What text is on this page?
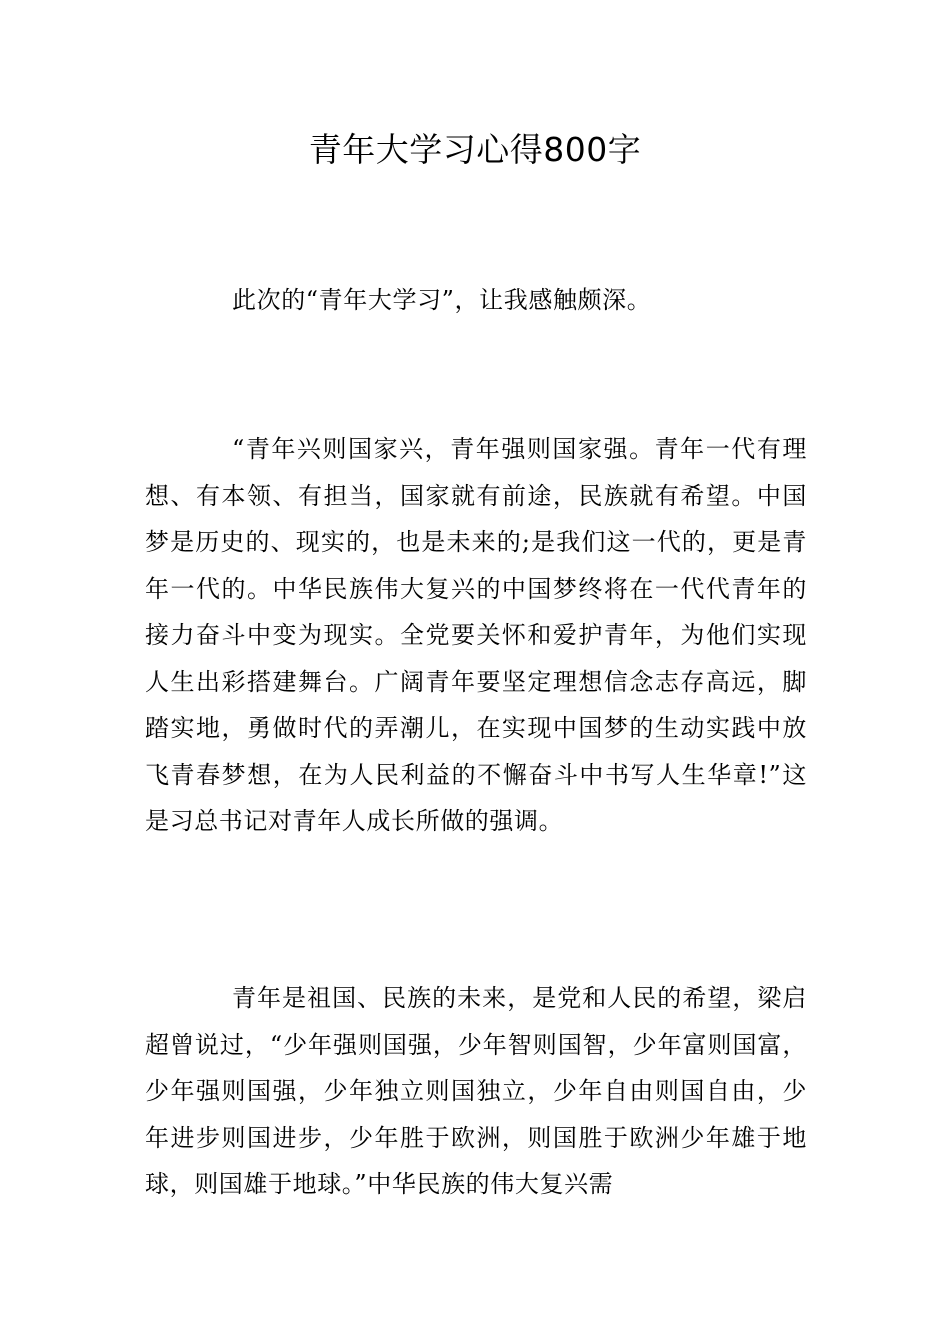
青年大学习心得800字

此次的“青年大学习”，让我感触颇深。

“青年兴则国家兴，青年强则国家强。青年一代有理想、有本领、有担当，国家就有前途，民族就有希望。中国梦是历史的、现实的，也是未来的;是我们这一代的，更是青年一代的。中华民族伟大复兴的中国梦终将在一代代青年的接力奋斗中变为现实。全党要关怀和爱护青年，为他们实现人生出彩搭建舞台。广阔青年要坚定理想信念志存高远，脚踏实地，勇做时代的弄潮儿，在实现中国梦的生动实践中放飞青春梦想，在为人民利益的不懈奋斗中书写人生华章!”这是习总书记对青年人成长所做的强调。

青年是祖国、民族的未来，是党和人民的希望，梁启超曾说过，“少年强则国强，少年智则国智，少年富则国富，少年强则国强，少年独立则国独立，少年自由则国自由，少年进步则国进步，少年胜于欧洲，则国胜于欧洲少年雄于地球，则国雄于地球。”中华民族的伟大复兴需
